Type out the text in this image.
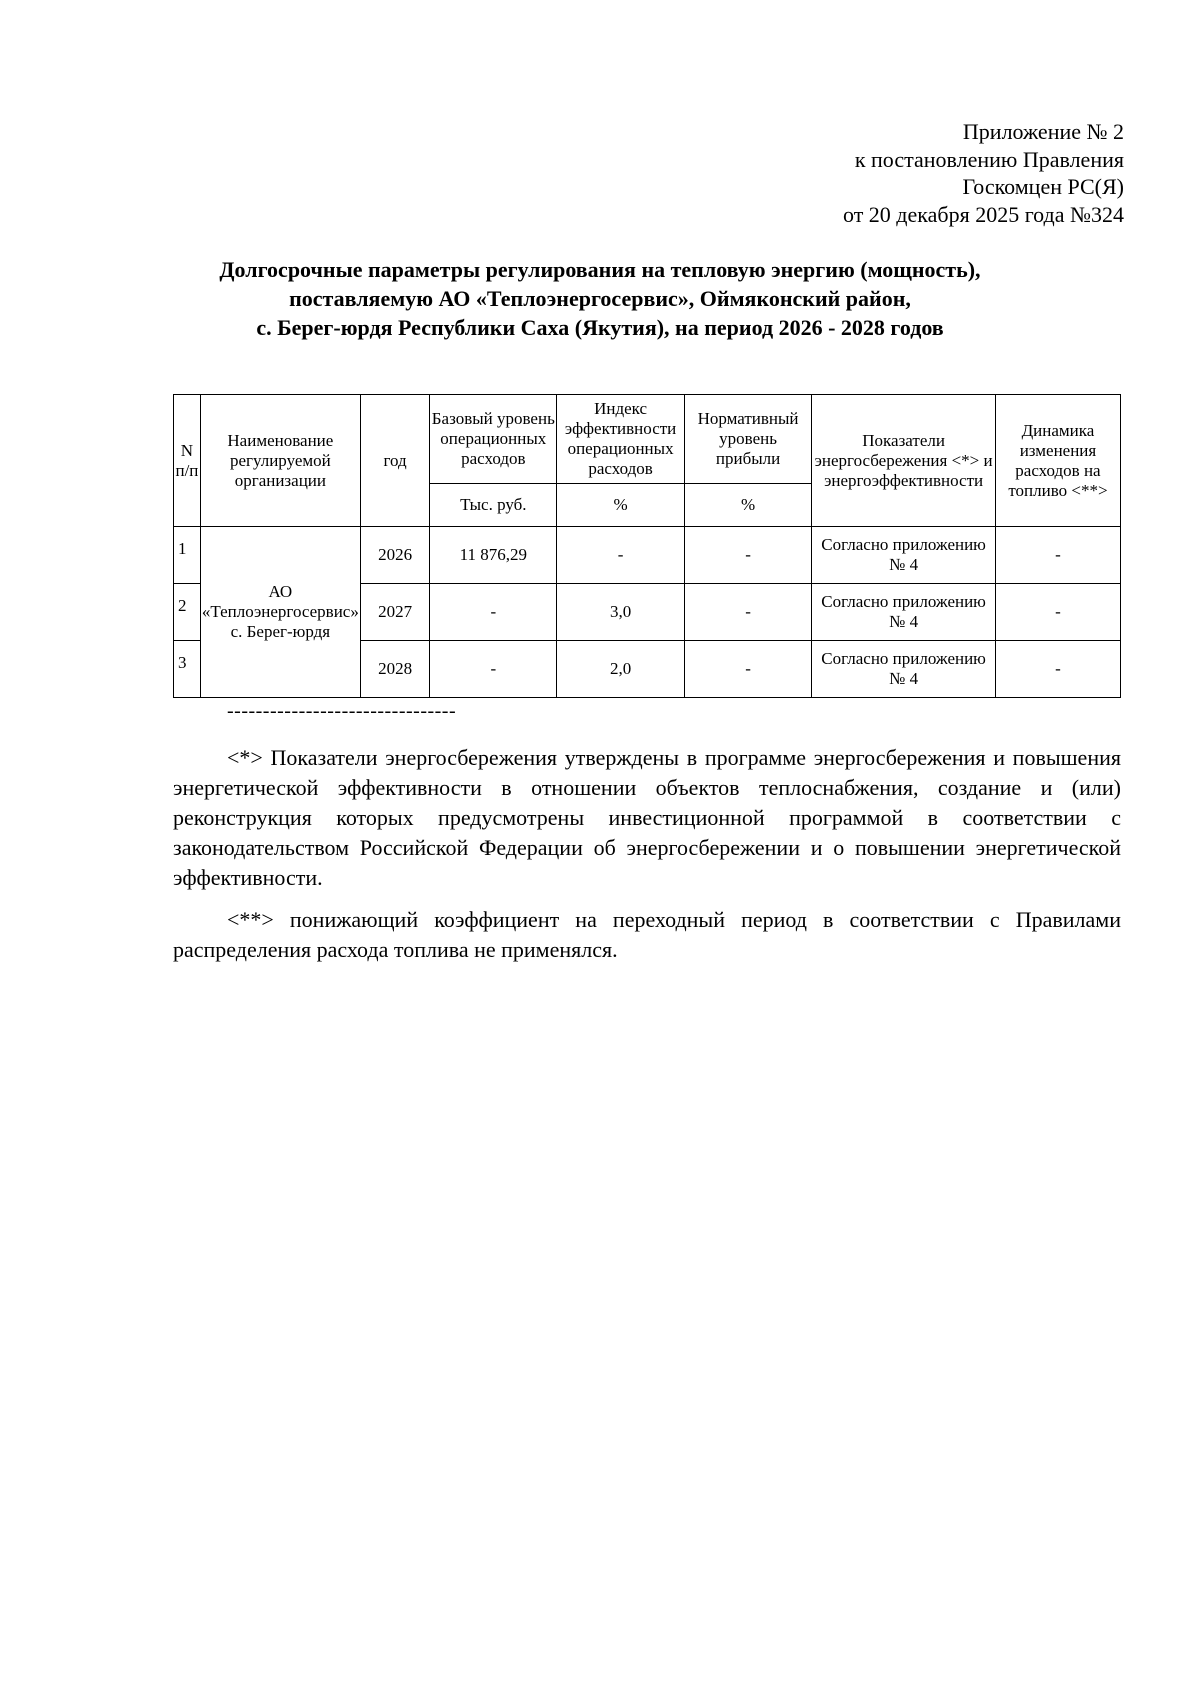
Приложение № 2
к постановлению Правления
Госкомцен РС(Я)
от 20 декабря 2025 года №324
Долгосрочные параметры регулирования на тепловую энергию (мощность),
поставляемую АО «Теплоэнергосервис», Оймяконский район,
с. Берег-юрдя Республики Саха (Якутия), на период 2026 - 2028 годов
N п/п	Наименование регулируемой организации	год	Базовый уровень операционных расходов	Индекс эффективности операционных расходов	Нормативный уровень прибыли	Показатели энергосбережения <*> и энергоэффективности	Динамика изменения расходов на топливо <**>
			Тыс. руб.	%	%		
1	АО «Теплоэнергосервис» с. Берег-юрдя	2026	11 876,29	-	-	Согласно приложению № 4	-
2		2027	-	3,0	-	Согласно приложению № 4	-
3		2028	-	2,0	-	Согласно приложению № 4	-
--------------------------------

<*> Показатели энергосбережения утверждены в программе энергосбережения и повышения энергетической эффективности в отношении объектов теплоснабжения, создание и (или) реконструкция которых предусмотрены инвестиционной программой в соответствии с законодательством Российской Федерации об энергосбережении и о повышении энергетической эффективности.

<**> понижающий коэффициент на переходный период в соответствии с Правилами распределения расхода топлива не применялся.
